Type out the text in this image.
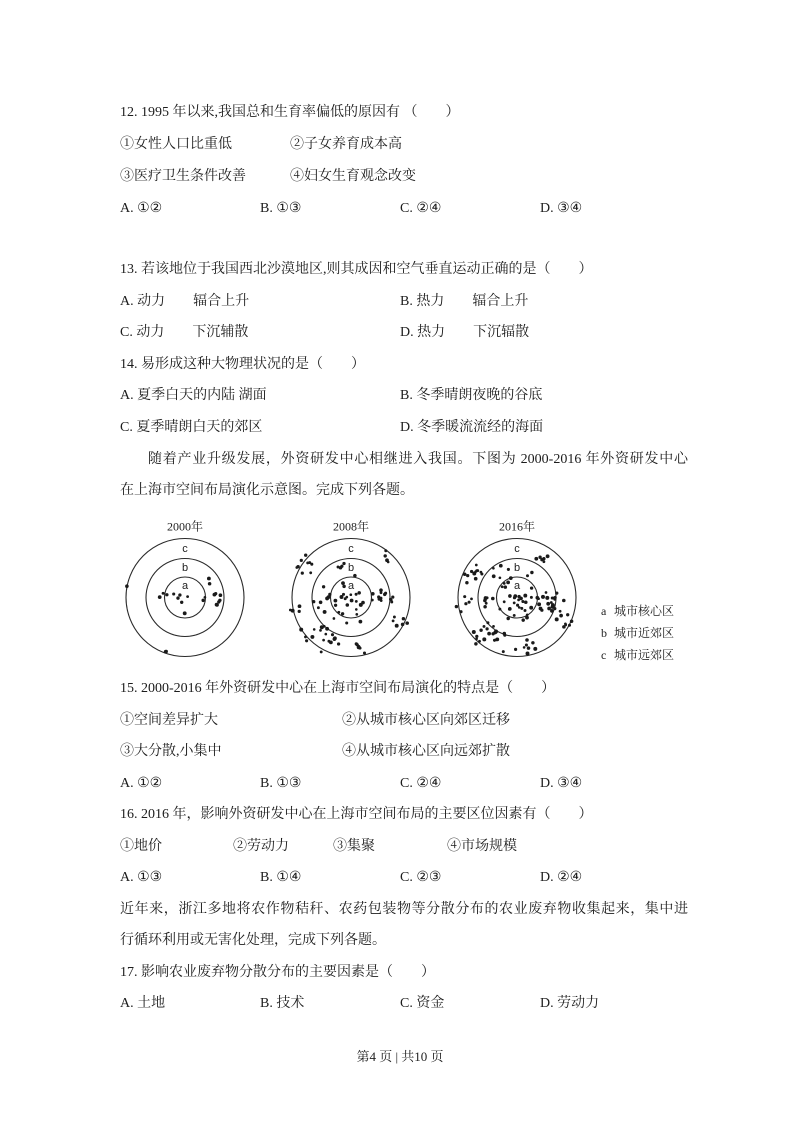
12. 1995 年以来,我国总和生育率偏低的原因有 （　　）
①女性人口比重低	②子女养育成本高
③医疗卫生条件改善	④妇女生育观念改变
A. ①②	B. ①③	C. ②④	D. ③④
13. 若该地位于我国西北沙漠地区,则其成因和空气垂直运动正确的是（　　）
A. 动力　　辐合上升	B. 热力　　辐合上升
C. 动力　　下沉辅散	D. 热力　　下沉辐散
14. 易形成这种大物理状况的是（　　）
A. 夏季白天的内陆 湖面	B. 冬季晴朗夜晚的谷底
C. 夏季晴朗白天的郊区	D. 冬季暖流流经的海面
随着产业升级发展，外资研发中心相继进入我国。下图为 2000-2016 年外资研发中心
在上海市空间布局演化示意图。完成下列各题。
2000年
c
b
a
2008年
c
b
a
2016年
c
b
a
a 城市核心区
b 城市近郊区
c 城市远郊区
15. 2000-2016 年外资研发中心在上海市空间布局演化的特点是（　　）
①空间差异扩大	②从城市核心区向郊区迁移
③大分散,小集中	④从城市核心区向远郊扩散
A. ①②	B. ①③	C. ②④	D. ③④
16. 2016 年，影响外资研发中心在上海市空间布局的主要区位因素有（　　）
①地价	②劳动力	③集聚	④市场规模
A. ①③	B. ①④	C. ②③	D. ②④
近年来，浙江多地将农作物秸秆、农药包装物等分散分布的农业废弃物收集起来，集中进
行循环利用或无害化处理，完成下列各题。
17. 影响农业废弃物分散分布的主要因素是（　　）
A. 土地	B. 技术	C. 资金	D. 劳动力
第4 页 | 共10 页
